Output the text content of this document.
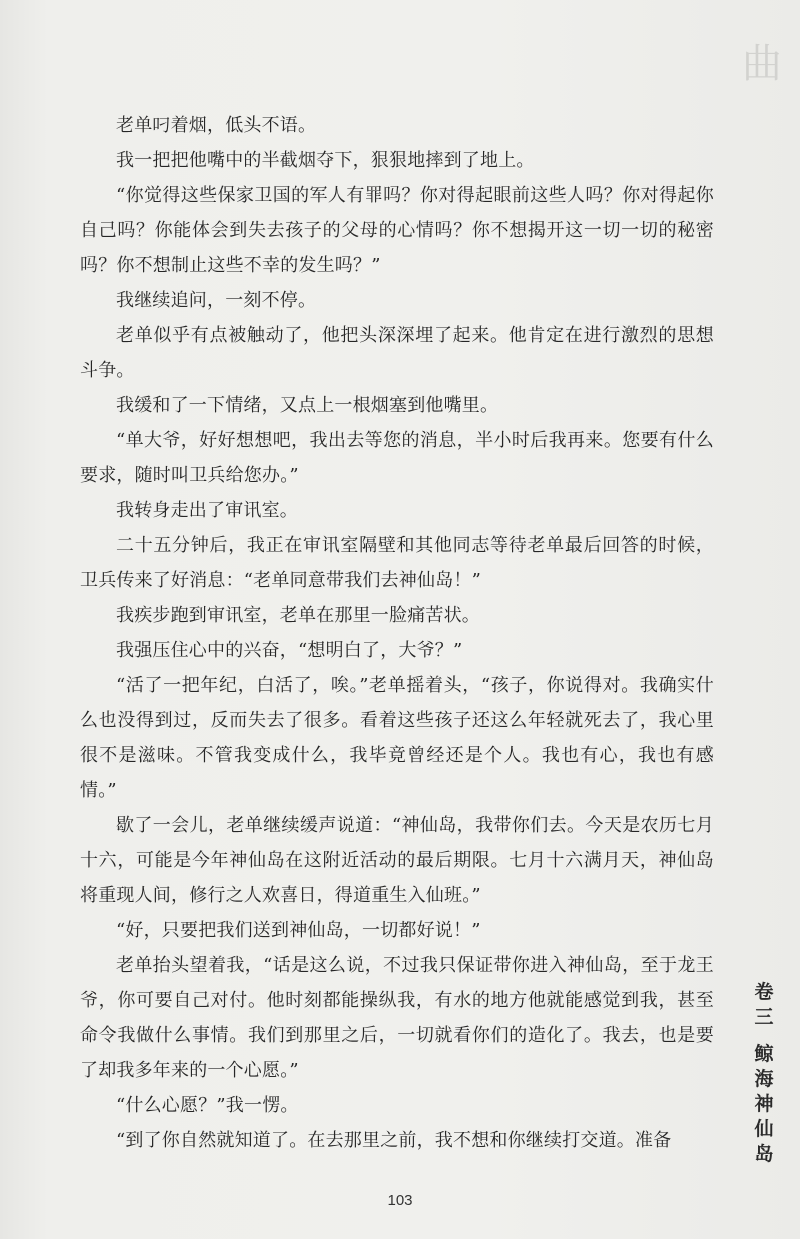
曲

老单叼着烟，低头不语。

我一把把他嘴中的半截烟夺下，狠狠地摔到了地上。

“你觉得这些保家卫国的军人有罪吗？你对得起眼前这些人吗？你对得起你自己吗？你能体会到失去孩子的父母的心情吗？你不想揭开这一切一切的秘密吗？你不想制止这些不幸的发生吗？”

我继续追问，一刻不停。

老单似乎有点被触动了，他把头深深埋了起来。他肯定在进行激烈的思想斗争。

我缓和了一下情绪，又点上一根烟塞到他嘴里。

“单大爷，好好想想吧，我出去等您的消息，半小时后我再来。您要有什么要求，随时叫卫兵给您办。”

我转身走出了审讯室。

二十五分钟后，我正在审讯室隔壁和其他同志等待老单最后回答的时候，卫兵传来了好消息：“老单同意带我们去神仙岛！”

我疾步跑到审讯室，老单在那里一脸痛苦状。

我强压住心中的兴奋，“想明白了，大爷？”

“活了一把年纪，白活了，唉。”老单摇着头，“孩子，你说得对。我确实什么也没得到过，反而失去了很多。看着这些孩子还这么年轻就死去了，我心里很不是滋味。不管我变成什么，我毕竟曾经还是个人。我也有心，我也有感情。”

歇了一会儿，老单继续缓声说道：“神仙岛，我带你们去。今天是农历七月十六，可能是今年神仙岛在这附近活动的最后期限。七月十六满月天，神仙岛将重现人间，修行之人欢喜日，得道重生入仙班。”

“好，只要把我们送到神仙岛，一切都好说！”

老单抬头望着我，“话是这么说，不过我只保证带你进入神仙岛，至于龙王爷，你可要自己对付。他时刻都能操纵我，有水的地方他就能感觉到我，甚至命令我做什么事情。我们到那里之后，一切就看你们的造化了。我去，也是要了却我多年来的一个心愿。”

“什么心愿？”我一愣。

“到了你自然就知道了。在去那里之前，我不想和你继续打交道。准备

卷
三
鲸
海
神
仙
岛
103
